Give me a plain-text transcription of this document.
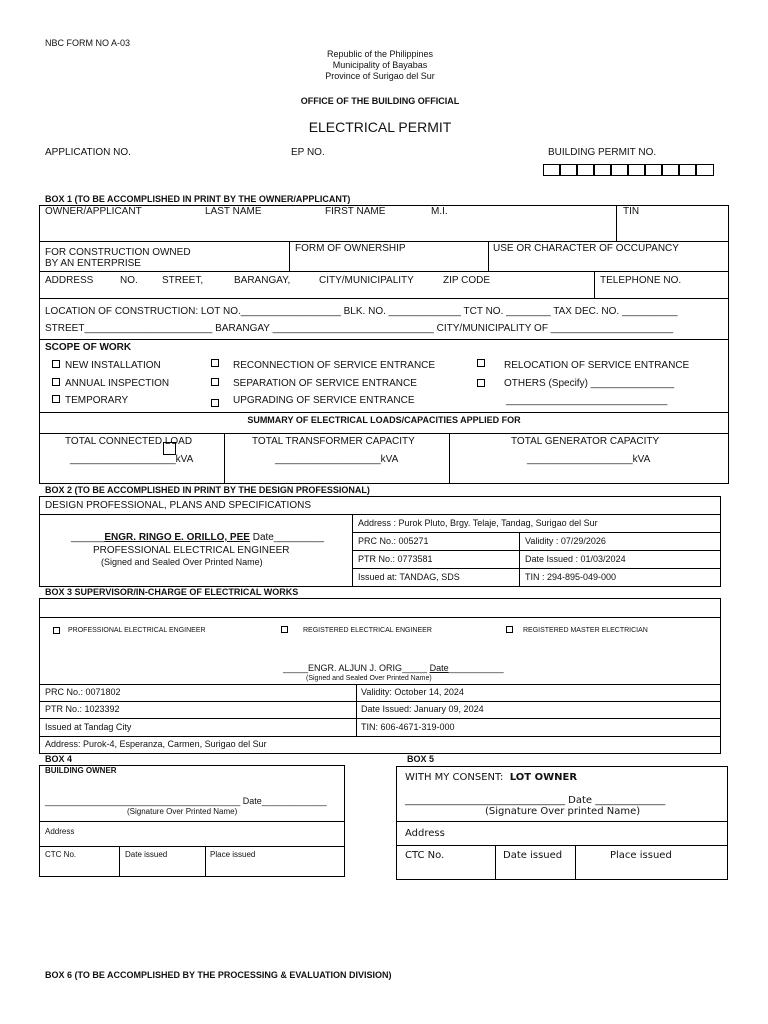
NBC FORM NO A-03
Republic of the Philippines
Municipality of Bayabas
Province of Surigao del Sur
OFFICE OF THE BUILDING OFFICIAL
ELECTRICAL PERMIT
APPLICATION NO.	EP NO.	BUILDING PERMIT NO.
BOX 1 (TO BE ACCOMPLISHED IN PRINT BY THE OWNER/APPLICANT)
OWNER/APPLICANT	LAST NAME	FIRST NAME	M.I.	TIN
FOR CONSTRUCTION OWNED
BY AN ENTERPRISE
FORM OF OWNERSHIP	USE OR CHARACTER OF OCCUPANCY
ADDRESS	NO. STREET,	BARANGAY,	CITY/MUNICIPALITY	ZIP CODE	TELEPHONE NO.
LOCATION OF CONSTRUCTION: LOT NO.__________________ BLK. NO. _____________ TCT NO. ________ TAX DEC. NO. __________
STREET_______________________ BARANGAY _____________________________ CITY/MUNICIPALITY OF ______________________
SCOPE OF WORK
NEW INSTALLATION
ANNUAL INSPECTION
TEMPORARY
RECONNECTION OF SERVICE ENTRANCE
SEPARATION OF SERVICE ENTRANCE
UPGRADING OF SERVICE ENTRANCE
RELOCATION OF SERVICE ENTRANCE
OTHERS (Specify) _______________
_____________________________
SUMMARY OF ELECTRICAL LOADS/CAPACITIES APPLIED FOR
TOTAL CONNECTED LOAD	TOTAL TRANSFORMER CAPACITY	TOTAL GENERATOR CAPACITY
___________________kVA	___________________kVA	___________________kVA
BOX 2 (TO BE ACCOMPLISHED IN PRINT BY THE DESIGN PROFESSIONAL)
DESIGN PROFESSIONAL, PLANS AND SPECIFICATIONS
Address : Purok Pluto, Brgy. Telaje, Tandag, Surigao del Sur
PRC No.: 005271	Validity : 07/29/2026
PTR No.: 0773581	Date Issued : 01/03/2024
Issued at: TANDAG, SDS	TIN : 294-895-049-000
______ENGR. RINGO E. ORILLO, PEE Date_________
PROFESSIONAL ELECTRICAL ENGINEER
(Signed and Sealed Over Printed Name)
BOX 3 SUPERVISOR/IN-CHARGE OF ELECTRICAL WORKS
PROFESSIONAL ELECTRICAL ENGINEER	REGISTERED ELECTRICAL ENGINEER	REGISTERED MASTER ELECTRICIAN
_____ENGR. ALJUN J. ORIG_____ Date___________
(Signed and Sealed Over Printed Name)
PRC No.: 0071802	Validity: October 14, 2024
PTR No.: 1023392	Date Issued: January 09, 2024
Issued at Tandag City	TIN: 606-4671-319-000
Address: Purok-4, Esperanza, Carmen, Surigao del Sur
BOX 4
BUILDING OWNER
_______________________________________ Date_____________
(Signature Over Printed Name)
Address
CTC No.	Date issued	Place issued
BOX 5
WITH MY CONSENT: LOT OWNER
________________________________ Date ______________
(Signature Over printed Name)
Address
CTC No.	Date issued	Place issued
BOX 6 (TO BE ACCOMPLISHED BY THE PROCESSING & EVALUATION DIVISION)
